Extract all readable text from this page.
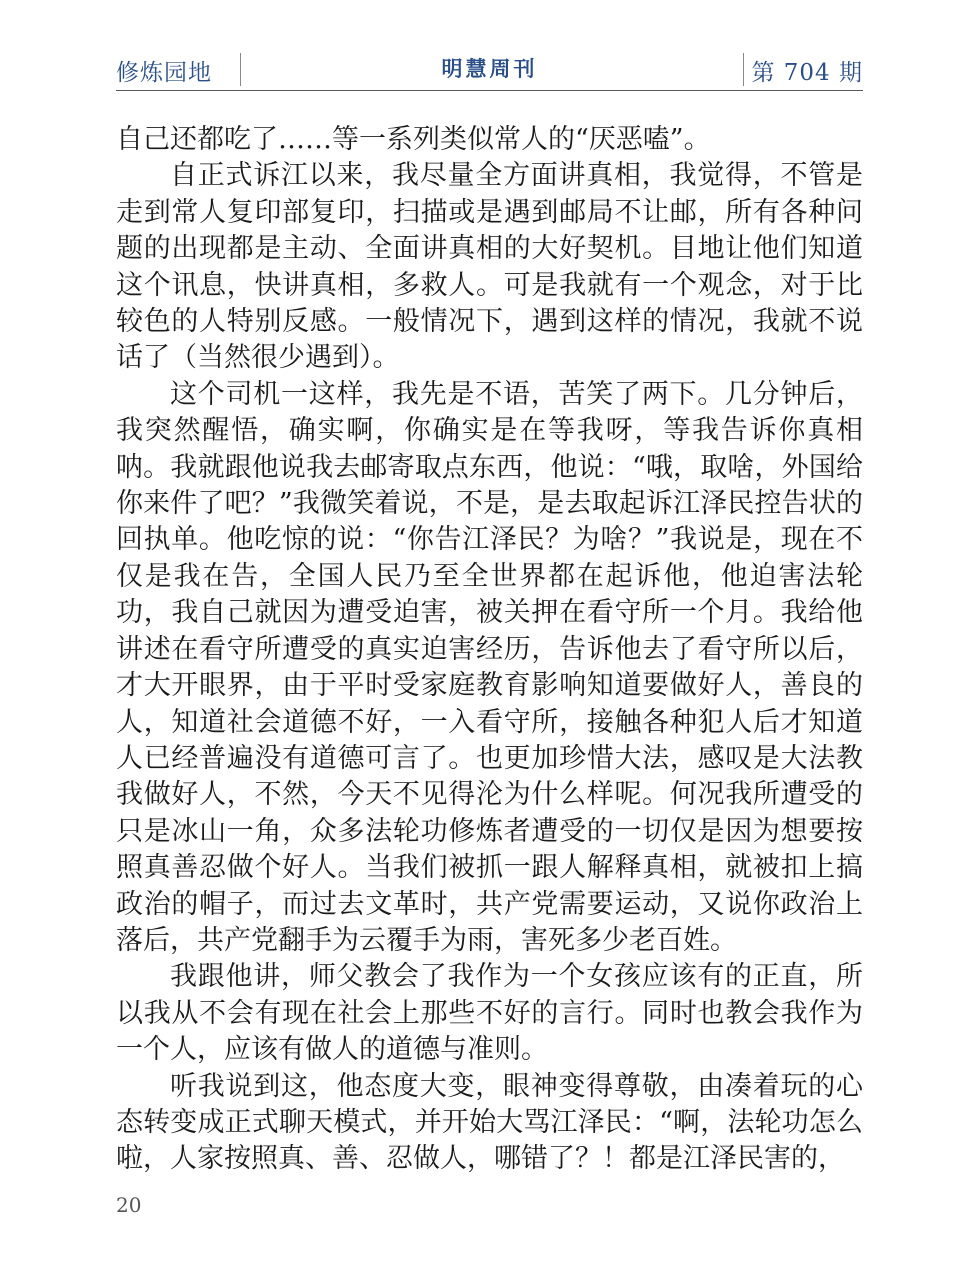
修炼园地	明慧周刊	第 704 期

自己还都吃了……等一系列类似常人的“厌恶嗑”。

自正式诉江以来，我尽量全方面讲真相，我觉得，不管是走到常人复印部复印，扫描或是遇到邮局不让邮，所有各种问题的出现都是主动、全面讲真相的大好契机。目地让他们知道这个讯息，快讲真相，多救人。可是我就有一个观念，对于比较色的人特别反感。一般情况下，遇到这样的情况，我就不说话了（当然很少遇到）。

这个司机一这样，我先是不语，苦笑了两下。几分钟后，我突然醒悟，确实啊，你确实是在等我呀，等我告诉你真相呐。我就跟他说我去邮寄取点东西，他说：“哦，取啥，外国给你来件了吧？”我微笑着说，不是，是去取起诉江泽民控告状的回执单。他吃惊的说：“你告江泽民？为啥？”我说是，现在不仅是我在告，全国人民乃至全世界都在起诉他，他迫害法轮功，我自己就因为遭受迫害，被关押在看守所一个月。我给他讲述在看守所遭受的真实迫害经历，告诉他去了看守所以后，才大开眼界，由于平时受家庭教育影响知道要做好人，善良的人，知道社会道德不好，一入看守所，接触各种犯人后才知道人已经普遍没有道德可言了。也更加珍惜大法，感叹是大法教我做好人，不然，今天不见得沦为什么样呢。何况我所遭受的只是冰山一角，众多法轮功修炼者遭受的一切仅是因为想要按照真善忍做个好人。当我们被抓一跟人解释真相，就被扣上搞政治的帽子，而过去文革时，共产党需要运动，又说你政治上落后，共产党翻手为云覆手为雨，害死多少老百姓。

我跟他讲，师父教会了我作为一个女孩应该有的正直，所以我从不会有现在社会上那些不好的言行。同时也教会我作为一个人，应该有做人的道德与准则。

听我说到这，他态度大变，眼神变得尊敬，由凑着玩的心态转变成正式聊天模式，并开始大骂江泽民：“啊，法轮功怎么啦，人家按照真、善、忍做人，哪错了？！都是江泽民害的，

20
